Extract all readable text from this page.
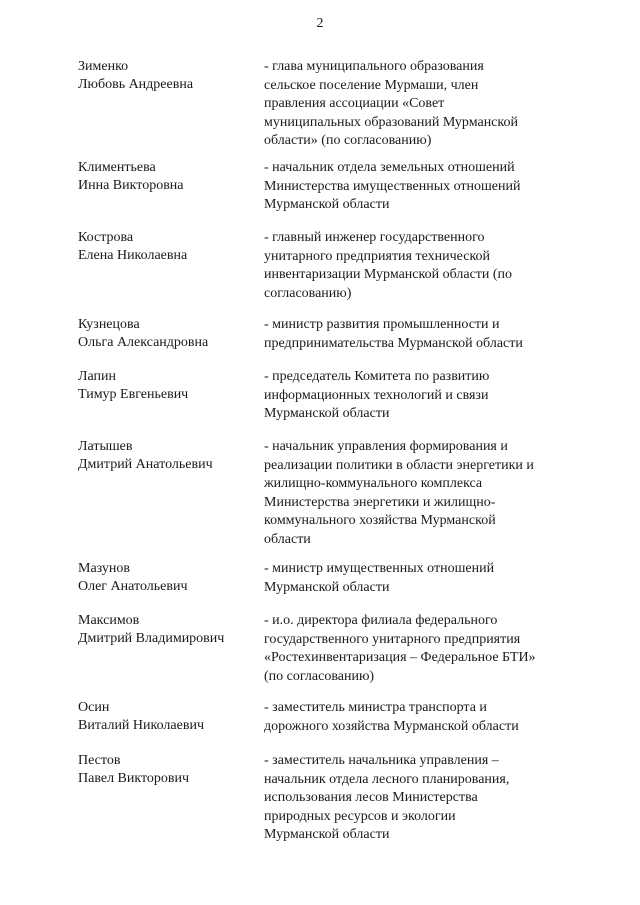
2
Зименко
Любовь Андреевна
- глава муниципального образования
сельское поселение Мурмаши, член
правления ассоциации «Совет
муниципальных образований Мурманской
области» (по согласованию)
Климентьева
Инна Викторовна
- начальник отдела земельных отношений
Министерства имущественных отношений
Мурманской области
Кострова
Елена Николаевна
- главный инженер государственного
унитарного предприятия технической
инвентаризации Мурманской области (по
согласованию)
Кузнецова
Ольга Александровна
- министр развития промышленности и
предпринимательства Мурманской области
Лапин
Тимур Евгеньевич
- председатель Комитета по развитию
информационных технологий и связи
Мурманской области
Латышев
Дмитрий Анатольевич
- начальник управления формирования и
реализации политики в области энергетики и
жилищно-коммунального комплекса
Министерства энергетики и жилищно-
коммунального хозяйства Мурманской
области
Мазунов
Олег Анатольевич
- министр имущественных отношений
Мурманской области
Максимов
Дмитрий Владимирович
- и.о. директора филиала федерального
государственного унитарного предприятия
«Ростехинвентаризация – Федеральное БТИ»
(по согласованию)
Осин
Виталий Николаевич
- заместитель министра транспорта и
дорожного хозяйства Мурманской области
Пестов
Павел Викторович
- заместитель начальника управления –
начальник отдела лесного планирования,
использования лесов Министерства
природных ресурсов и экологии
Мурманской области
